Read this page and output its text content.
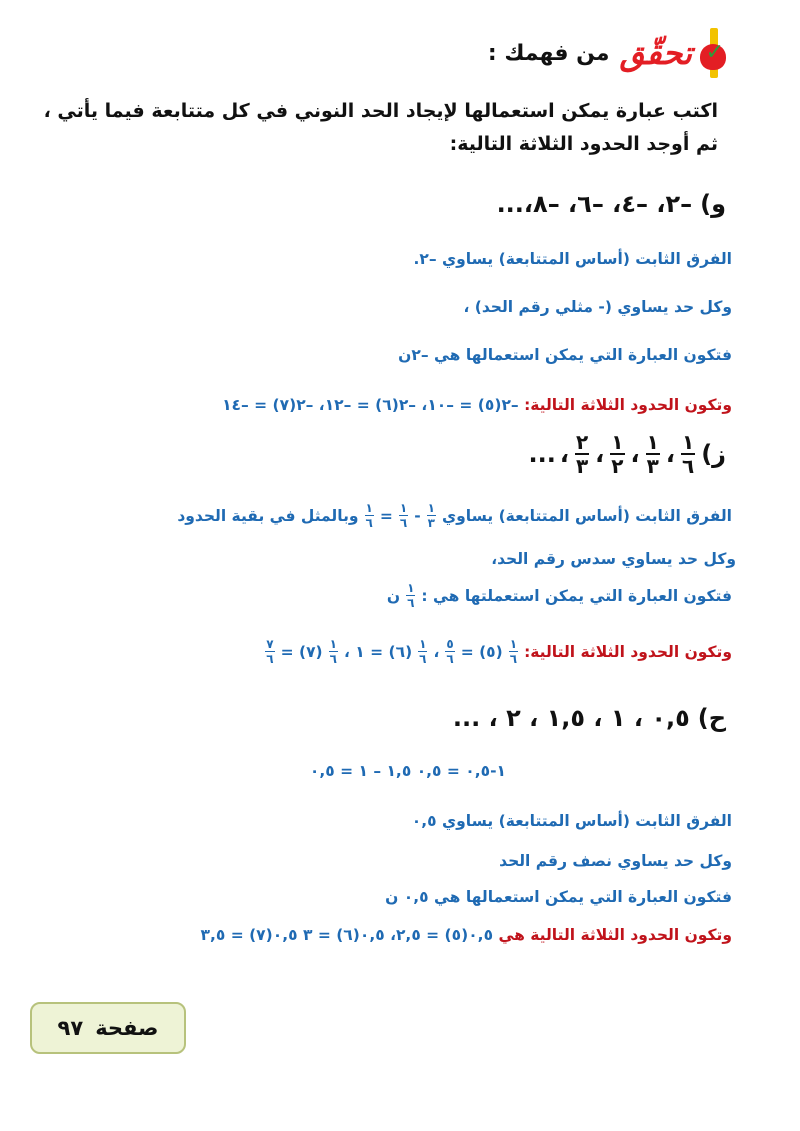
✓
تحقّق
من فهمك :
اكتب عبارة يمكن استعمالها لإيجاد الحد النوني في كل متتابعة فيما يأتي ،
ثم أوجد الحدود الثلاثة التالية:
و)
–٢، –٤، –٦، –٨،...
الفرق الثابت (أساس المتتابعة) يساوي –٢.
وكل حد يساوي (- مثلي رقم الحد) ،
فتكون العبارة التي يمكن استعمالها هي –٢ن
وتكون الحدود الثلاثة التالية: –٢(٥) = –١٠، –٢(٦) = –١٢، –٢(٧) = –١٤
ز)
$\frac{١}{٦}$
،
$\frac{١}{٣}$
،
$\frac{١}{٢}$
،
$\frac{٢}{٣}$
،
...
الفرق الثابت (أساس المتتابعة) يساوي
$\frac{١}{٣}$
-
$\frac{١}{٦}$
=
$\frac{١}{٦}$
وبالمثل في بقية الحدود
وكل حد يساوي سدس رقم الحد،
فتكون العبارة التي يمكن استعملتها هي :
$\frac{١}{٦}$
ن
وتكون الحدود الثلاثة التالية:
$\frac{١}{٦}$
(٥) =
$\frac{٥}{٦}$
،
$\frac{١}{٦}$
(٦) = ١ ،
$\frac{١}{٦}$
(٧) =
$\frac{٧}{٦}$
ح)
٠,٥ ، ١ ، ١,٥ ، ٢ ، ...
١-٠,٥ = ٠,٥ ١,٥ – ١ = ٠,٥
الفرق الثابت (أساس المتتابعة) يساوي ٠,٥
وكل حد يساوي نصف رقم الحد
فتكون العبارة التي يمكن استعمالها هي ٠,٥ ن
وتكون الحدود الثلاثة التالية هي ٠,٥(٥) = ٢,٥، ٠,٥(٦) = ٣ ٠,٥(٧) = ٣,٥
صفحة
٩٧
